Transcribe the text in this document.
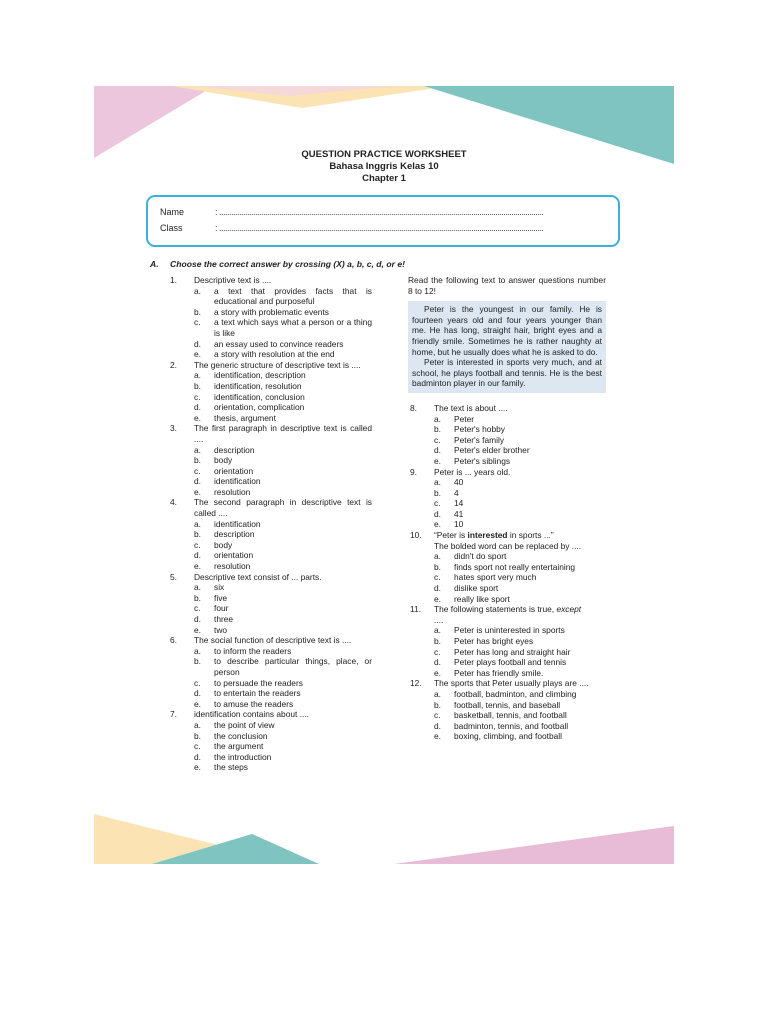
QUESTION PRACTICE WORKSHEET
Bahasa Inggris Kelas 10
Chapter 1
Name	: ..................................................................................................................................................................
Class	: ..................................................................................................................................................................
A. Choose the correct answer by crossing (X) a, b, c, d, or e!
1. Descriptive text is ....
a. a text that provides facts that is educational and purposeful
b. a story with problematic events
c. a text which says what a person or a thing is like
d. an essay used to convince readers
e. a story with resolution at the end
2. The generic structure of descriptive text is ....
a. identification, description
b. identification, resolution
c. identification, conclusion
d. orientation, complication
e. thesis, argument
3. The first paragraph in descriptive text is called ....
a. description
b. body
c. orientation
d. identification
e. resolution
4. The second paragraph in descriptive text is called ....
a. identification
b. description
c. body
d. orientation
e. resolution
5. Descriptive text consist of ... parts.
a. six
b. five
c. four
d. three
e. two
6. The social function of descriptive text is ....
a. to inform the readers
b. to describe particular things, place, or person
c. to persuade the readers
d. to entertain the readers
e. to amuse the readers
7. identification contains about ....
a. the point of view
b. the conclusion
c. the argument
d. the introduction
e. the steps
Read the following text to answer questions number 8 to 12!

Peter is the youngest in our family. He is fourteen years old and four years younger than me. He has long, straight hair, bright eyes and a friendly smile. Sometimes he is rather naughty at home, but he usually does what he is asked to do.

Peter is interested in sports very much, and at school, he plays football and tennis. He is the best badminton player in our family.

8. The text is about ....
a. Peter
b. Peter's hobby
c. Peter's family
d. Peter's elder brother
e. Peter's siblings
9. Peter is ... years old.
a. 40
b. 4
c. 14
d. 41
e. 10
10. “Peter is interested in sports ...”
The bolded word can be replaced by ....
a. didn't do sport
b. finds sport not really entertaining
c. hates sport very much
d. dislike sport
e. really like sport
11. The following statements is true, except
....
a. Peter is uninterested in sports
b. Peter has bright eyes
c. Peter has long and straight hair
d. Peter plays football and tennis
e. Peter has friendly smile.
12. The sports that Peter usually plays are ....
a. football, badminton, and climbing
b. football, tennis, and baseball
c. basketball, tennis, and football
d. badminton, tennis, and football
e. boxing, climbing, and football
